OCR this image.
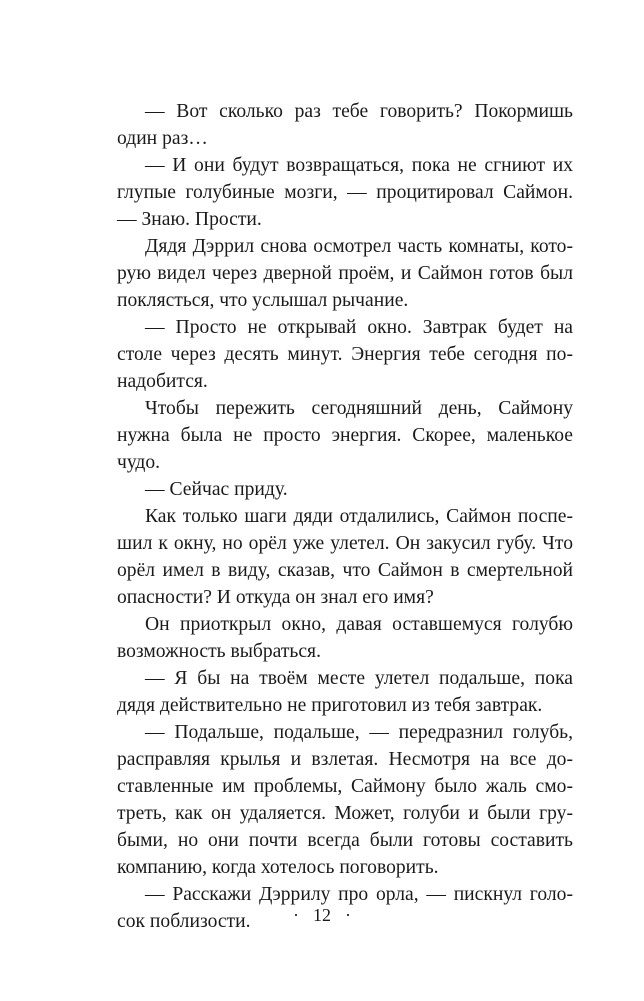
— Вот сколько раз тебе говорить? Покормишь один раз…

— И они будут возвращаться, пока не сгниют их глупые голубиные мозги, — процитировал Саймон. — Знаю. Прости.

Дядя Дэррил снова осмотрел часть комнаты, которую видел через дверной проём, и Саймон готов был поклясться, что услышал рычание.

— Просто не открывай окно. Завтрак будет на столе через десять минут. Энергия тебе сегодня понадобится.

Чтобы пережить сегодняшний день, Саймону нужна была не просто энергия. Скорее, маленькое чудо.

— Сейчас приду.

Как только шаги дяди отдалились, Саймон поспешил к окну, но орёл уже улетел. Он закусил губу. Что орёл имел в виду, сказав, что Саймон в смертельной опасности? И откуда он знал его имя?

Он приоткрыл окно, давая оставшемуся голубю возможность выбраться.

— Я бы на твоём месте улетел подальше, пока дядя действительно не приготовил из тебя завтрак.

— Подальше, подальше, — передразнил голубь, расправляя крылья и взлетая. Несмотря на все доставленные им проблемы, Саймону было жаль смотреть, как он удаляется. Может, голуби и были грубыми, но они почти всегда были готовы составить компанию, когда хотелось поговорить.

— Расскажи Дэррилу про орла, — пискнул голосок поблизости.	· 12 ·
